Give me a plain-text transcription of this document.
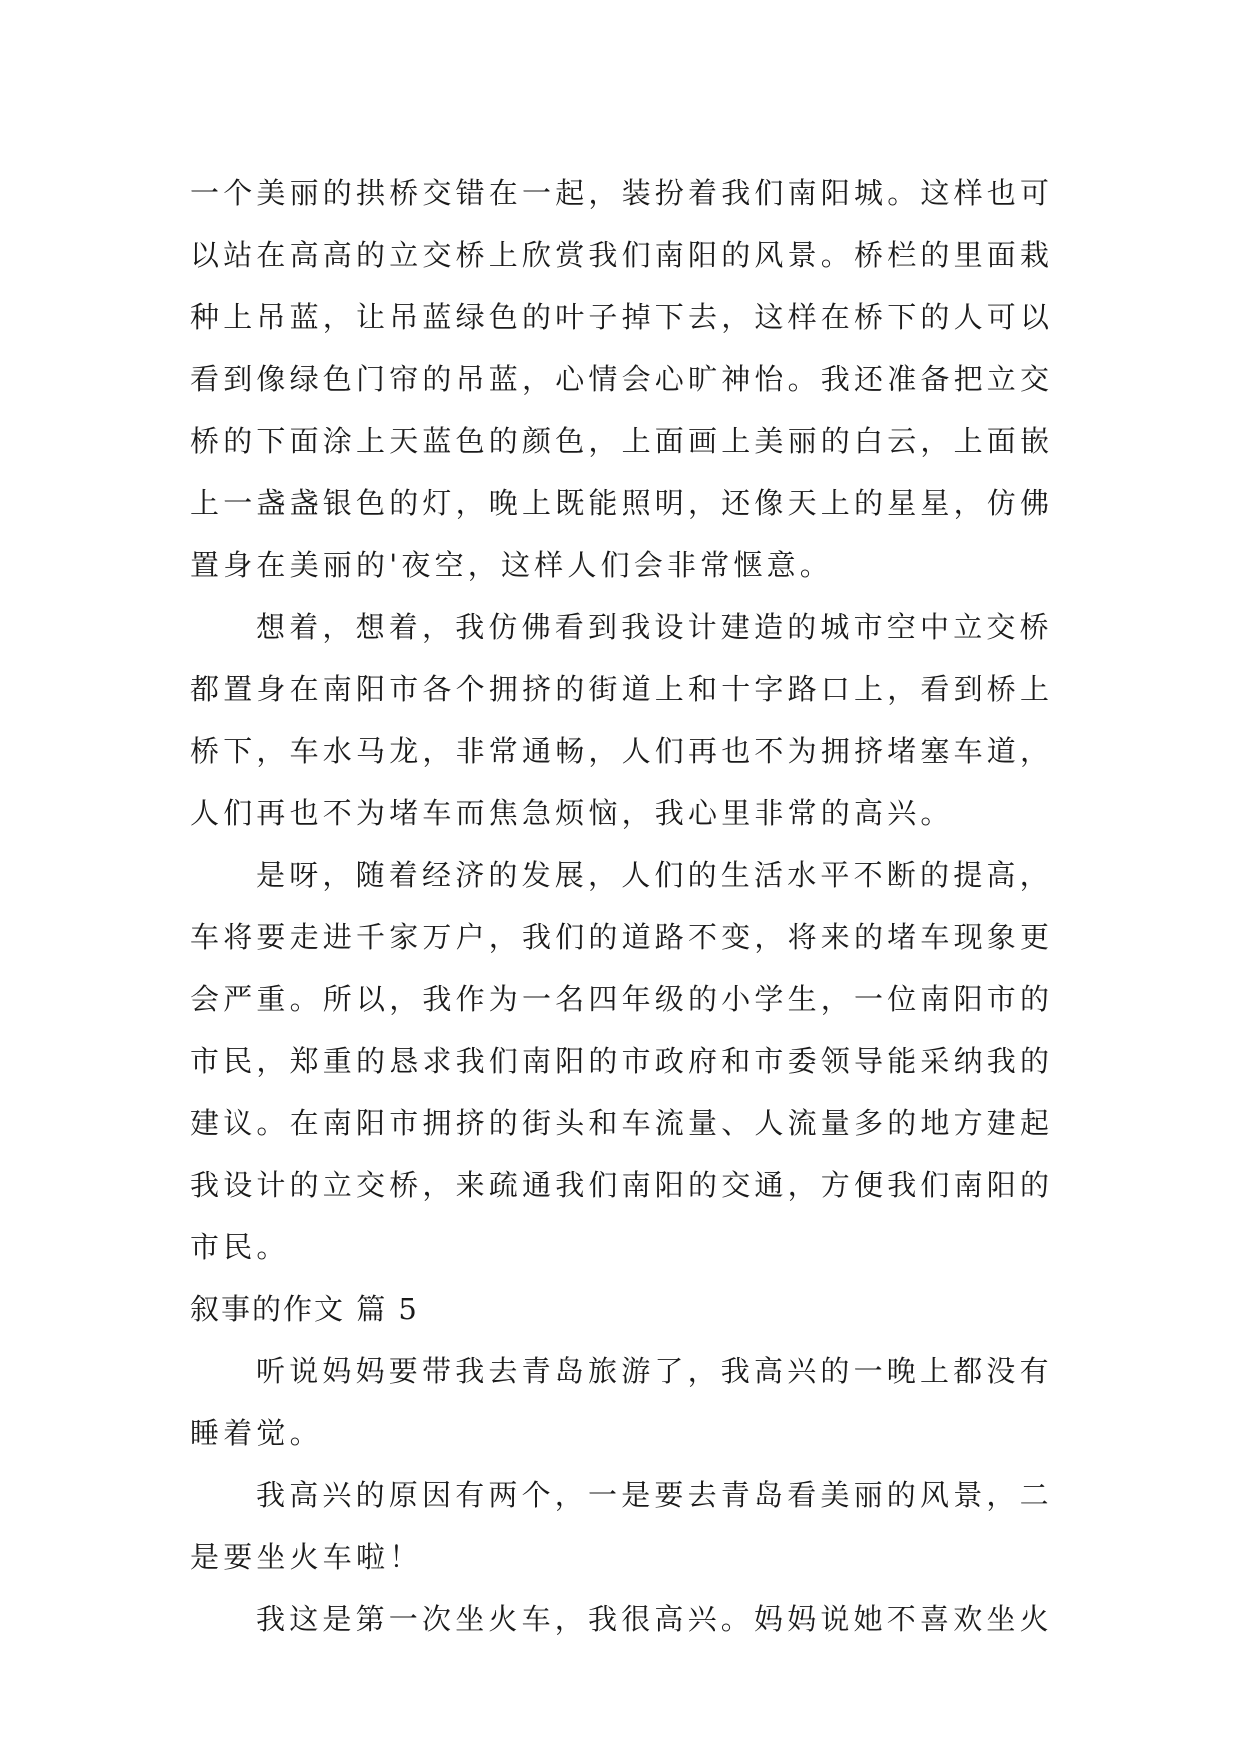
一个美丽的拱桥交错在一起，装扮着我们南阳城。这样也可
以站在高高的立交桥上欣赏我们南阳的风景。桥栏的里面栽
种上吊蓝，让吊蓝绿色的叶子掉下去，这样在桥下的人可以
看到像绿色门帘的吊蓝，心情会心旷神怡。我还准备把立交
桥的下面涂上天蓝色的颜色，上面画上美丽的白云，上面嵌
上一盏盏银色的灯，晚上既能照明，还像天上的星星，仿佛
置身在美丽的'夜空，这样人们会非常惬意。
想着，想着，我仿佛看到我设计建造的城市空中立交桥
都置身在南阳市各个拥挤的街道上和十字路口上，看到桥上
桥下，车水马龙，非常通畅，人们再也不为拥挤堵塞车道，
人们再也不为堵车而焦急烦恼，我心里非常的高兴。
是呀，随着经济的发展，人们的生活水平不断的提高，
车将要走进千家万户，我们的道路不变，将来的堵车现象更
会严重。所以，我作为一名四年级的小学生，一位南阳市的
市民，郑重的恳求我们南阳的市政府和市委领导能采纳我的
建议。在南阳市拥挤的街头和车流量、人流量多的地方建起
我设计的立交桥，来疏通我们南阳的交通，方便我们南阳的
市民。
叙事的作文 篇 5
听说妈妈要带我去青岛旅游了，我高兴的一晚上都没有
睡着觉。
我高兴的原因有两个，一是要去青岛看美丽的风景，二
是要坐火车啦！
我这是第一次坐火车，我很高兴。妈妈说她不喜欢坐火
